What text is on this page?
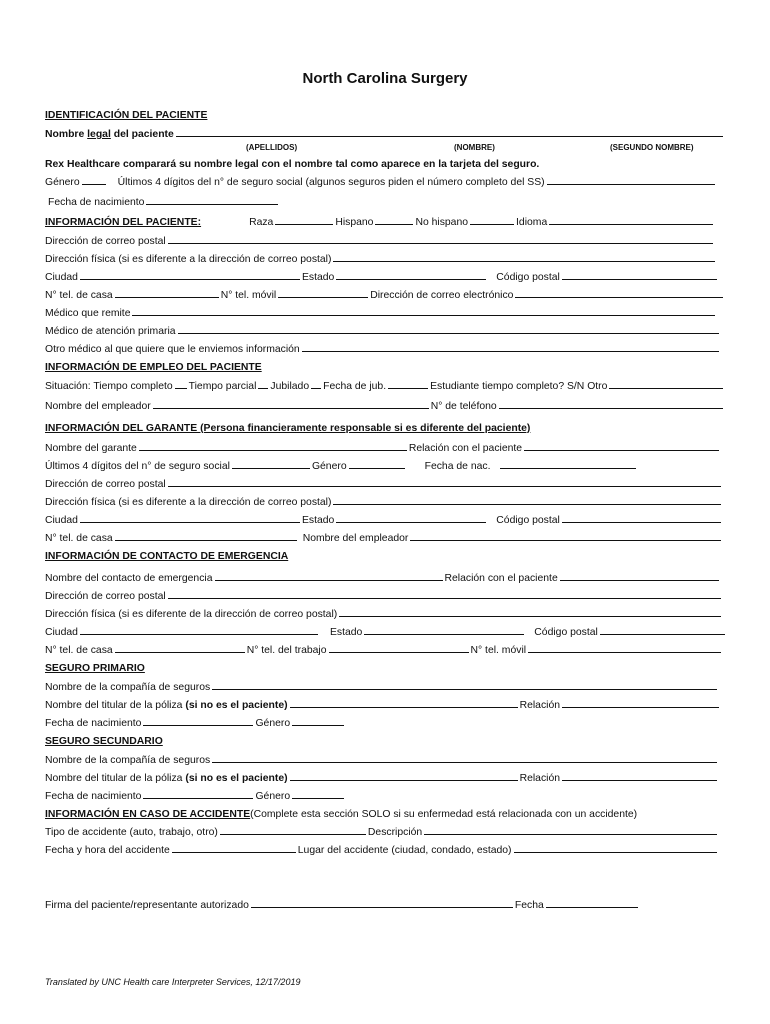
North Carolina Surgery
IDENTIFICACIÓN DEL PACIENTE
Nombre legal del paciente
(APELLIDOS)	(NOMBRE)	(SEGUNDO NOMBRE)
Rex Healthcare comparará su nombre legal con el nombre tal como aparece en la tarjeta del seguro.
Género	Últimos 4 dígitos del n° de seguro social (algunos seguros piden el número completo del SS)
Fecha de nacimiento
INFORMACIÓN DEL PACIENTE:	Raza	Hispano	No hispano	Idioma
Dirección de correo postal
Dirección física (si es diferente a la dirección de correo postal)
Ciudad	Estado	Código postal
N° tel. de casa	N° tel. móvil	Dirección de correo electrónico
Médico que remite
Médico de atención primaria
Otro médico al que quiere que le enviemos información
INFORMACIÓN DE EMPLEO DEL PACIENTE
Situación: Tiempo completo Tiempo parcial Jubilado Fecha de jub.	Estudiante tiempo completo? S/N Otro
Nombre del empleador	N° de teléfono
INFORMACIÓN DEL GARANTE (Persona financieramente responsable si es diferente del paciente)
Nombre del garante	Relación con el paciente
Últimos 4 dígitos del n° de seguro social	Género	Fecha de nac.
Dirección de correo postal
Dirección física (si es diferente a la dirección de correo postal)
Ciudad	Estado	Código postal
N° tel. de casa	Nombre del empleador
INFORMACIÓN DE CONTACTO DE EMERGENCIA
Nombre del contacto de emergencia	Relación con el paciente
Dirección de correo postal
Dirección física (si es diferente de la dirección de correo postal)
Ciudad	Estado	Código postal
N° tel. de casa	N° tel. del trabajo	N° tel. móvil
SEGURO PRIMARIO
Nombre de la compañía de seguros
Nombre del titular de la póliza (si no es el paciente)	Relación
Fecha de nacimiento	Género
SEGURO SECUNDARIO
Nombre de la compañía de seguros
Nombre del titular de la póliza (si no es el paciente)	Relación
Fecha de nacimiento	Género
INFORMACIÓN EN CASO DE ACCIDENTE (Complete esta sección SOLO si su enfermedad está relacionada con un accidente)
Tipo de accidente (auto, trabajo, otro)	Descripción
Fecha y hora del accidente	Lugar del accidente (ciudad, condado, estado)
Firma del paciente/representante autorizado	Fecha
Translated by UNC Health care Interpreter Services, 12/17/2019
